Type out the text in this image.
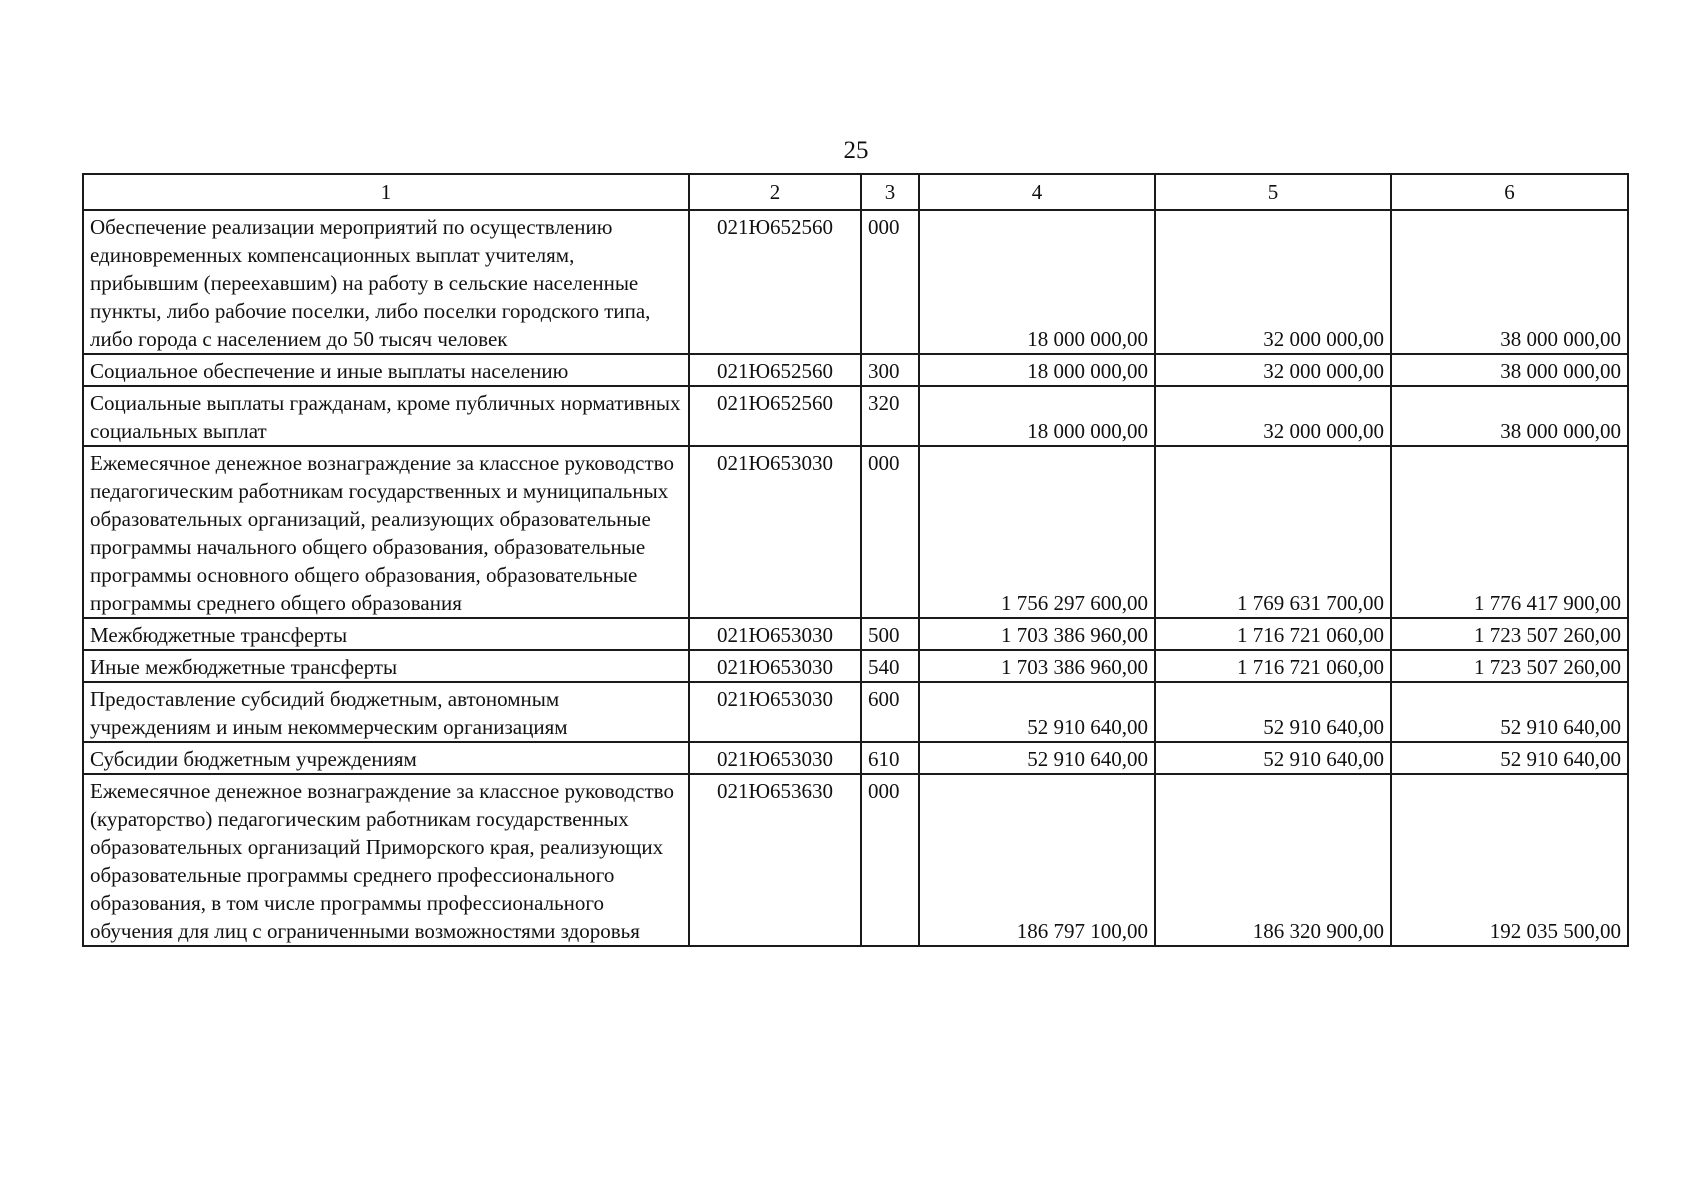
25
1	2	3	4	5	6
Обеспечение реализации мероприятий по осуществлению единовременных компенсационных выплат учителям, прибывшим (переехавшим) на работу в сельские населенные пункты, либо рабочие поселки, либо поселки городского типа, либо города с населением до 50 тысяч человек	021Ю652560	000	18 000 000,00	32 000 000,00	38 000 000,00
Социальное обеспечение и иные выплаты населению	021Ю652560	300	18 000 000,00	32 000 000,00	38 000 000,00
Социальные выплаты гражданам, кроме публичных нормативных социальных выплат	021Ю652560	320	18 000 000,00	32 000 000,00	38 000 000,00
Ежемесячное денежное вознаграждение за классное руководство педагогическим работникам государственных и муниципальных образовательных организаций, реализующих образовательные программы начального общего образования, образовательные программы основного общего образования, образовательные программы среднего общего образования	021Ю653030	000	1 756 297 600,00	1 769 631 700,00	1 776 417 900,00
Межбюджетные трансферты	021Ю653030	500	1 703 386 960,00	1 716 721 060,00	1 723 507 260,00
Иные межбюджетные трансферты	021Ю653030	540	1 703 386 960,00	1 716 721 060,00	1 723 507 260,00
Предоставление субсидий бюджетным, автономным учреждениям и иным некоммерческим организациям	021Ю653030	600	52 910 640,00	52 910 640,00	52 910 640,00
Субсидии бюджетным учреждениям	021Ю653030	610	52 910 640,00	52 910 640,00	52 910 640,00
Ежемесячное денежное вознаграждение за классное руководство (кураторство) педагогическим работникам государственных образовательных организаций Приморского края, реализующих образовательные программы среднего профессионального образования, в том числе программы профессионального обучения для лиц с ограниченными возможностями здоровья	021Ю653630	000	186 797 100,00	186 320 900,00	192 035 500,00
